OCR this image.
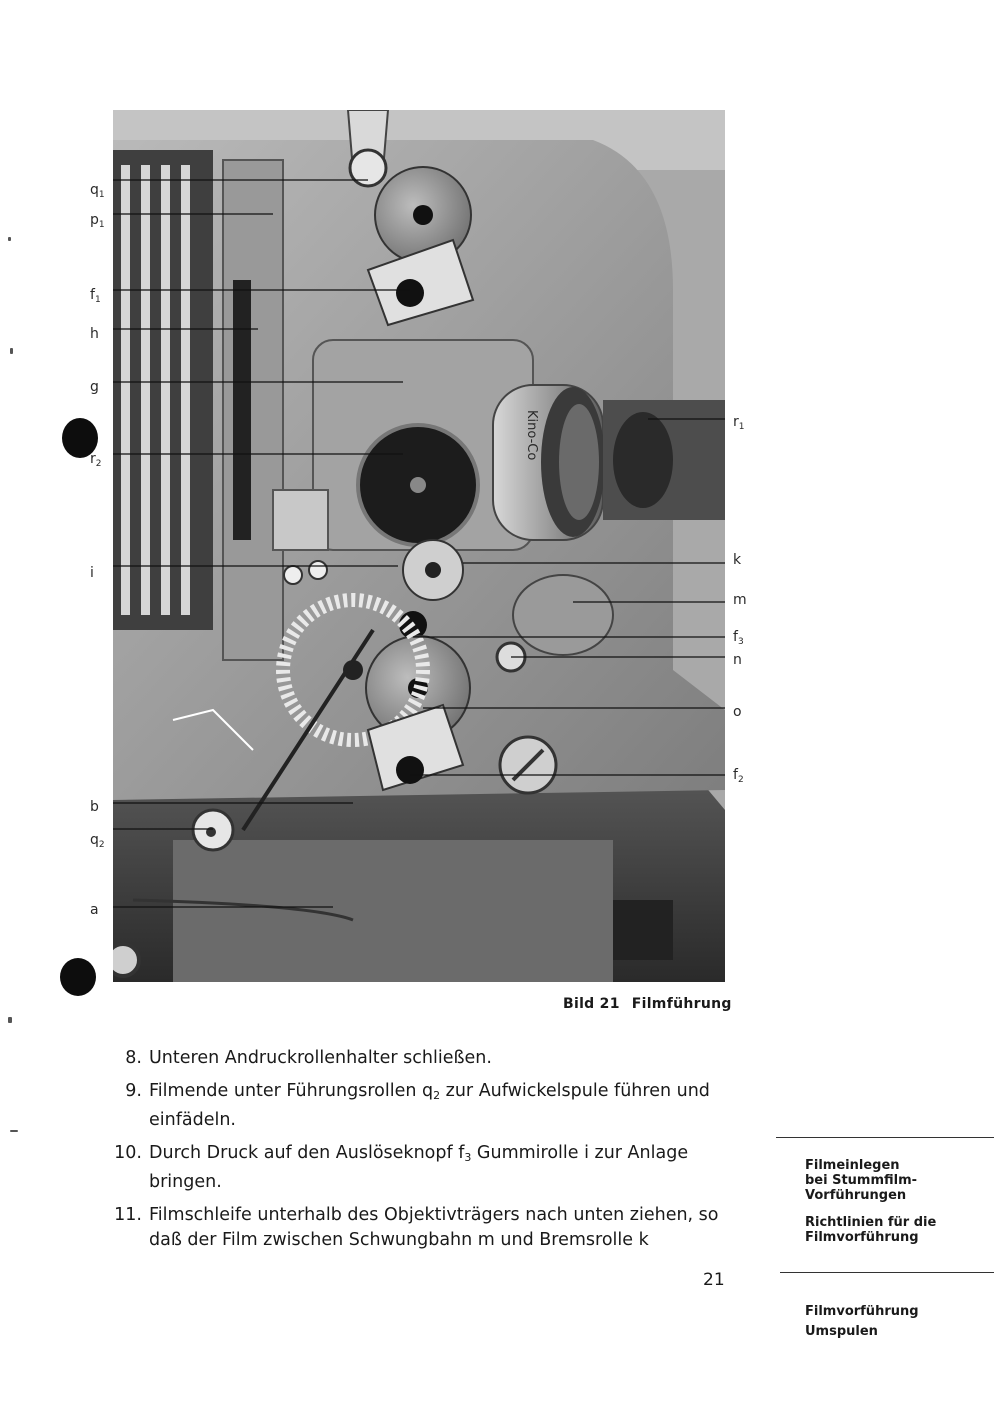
Kino-Co
$q_1$
$p_1$
$f_1$
h
g
$r_2$
i
b
$q_2$
a
$r_1$
k
m
$f_3$
n
o
$f_2$
Bild 21 Filmführung
8. Unteren Andruckrollenhalter schließen.
9. Filmende unter Führungsrollen $q_2$ zur Aufwickelspule führen und einfädeln.
10. Durch Druck auf den Auslöseknopf $f_3$ Gummirolle i zur Anlage bringen.
11. Filmschleife unterhalb des Objektivträgers nach unten ziehen, so daß der Film zwischen Schwungbahn m und Bremsrolle k
21
Filmeinlegen
bei Stummfilm-
Vorführungen
Richtlinien für die
Filmvorführung
Filmvorführung
Umspulen
